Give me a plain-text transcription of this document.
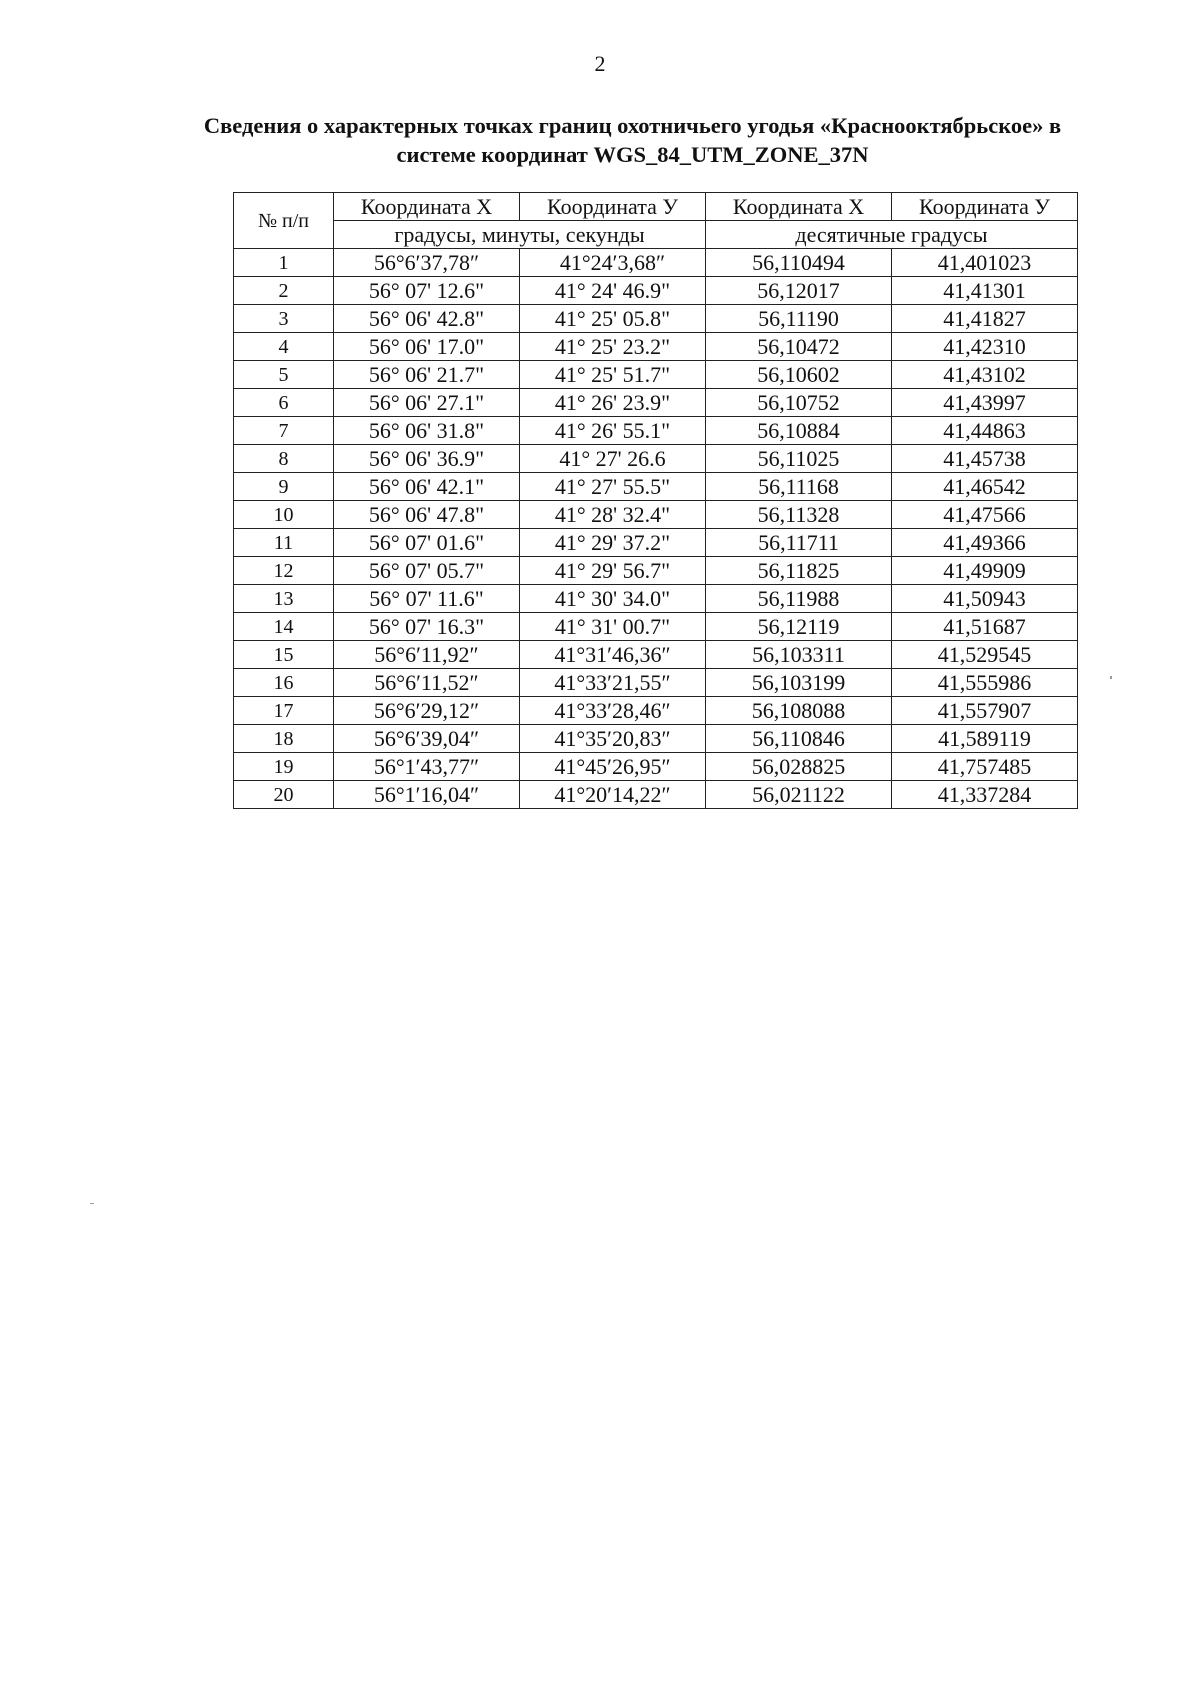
2
Сведения о характерных точках границ охотничьего угодья «Краснооктябрьское» в
системе координат WGS_84_UTM_ZONE_37N
№ п/п	Координата Х	Координата У	Координата Х	Координата У
	градусы, минуты, секунды		десятичные градусы	
1	56°6′37,78″	41°24′3,68″	56,110494	41,401023
2	56° 07' 12.6"	41° 24' 46.9"	56,12017	41,41301
3	56° 06' 42.8"	41° 25' 05.8"	56,11190	41,41827
4	56° 06' 17.0"	41° 25' 23.2"	56,10472	41,42310
5	56° 06' 21.7"	41° 25' 51.7"	56,10602	41,43102
6	56° 06' 27.1"	41° 26' 23.9"	56,10752	41,43997
7	56° 06' 31.8"	41° 26' 55.1"	56,10884	41,44863
8	56° 06' 36.9"	41° 27' 26.6	56,11025	41,45738
9	56° 06' 42.1"	41° 27' 55.5"	56,11168	41,46542
10	56° 06' 47.8"	41° 28' 32.4"	56,11328	41,47566
11	56° 07' 01.6"	41° 29' 37.2"	56,11711	41,49366
12	56° 07' 05.7"	41° 29' 56.7"	56,11825	41,49909
13	56° 07' 11.6"	41° 30' 34.0"	56,11988	41,50943
14	56° 07' 16.3"	41° 31' 00.7"	56,12119	41,51687
15	56°6′11,92″	41°31′46,36″	56,103311	41,529545
16	56°6′11,52″	41°33′21,55″	56,103199	41,555986
17	56°6′29,12″	41°33′28,46″	56,108088	41,557907
18	56°6′39,04″	41°35′20,83″	56,110846	41,589119
19	56°1′43,77″	41°45′26,95″	56,028825	41,757485
20	56°1′16,04″	41°20′14,22″	56,021122	41,337284
